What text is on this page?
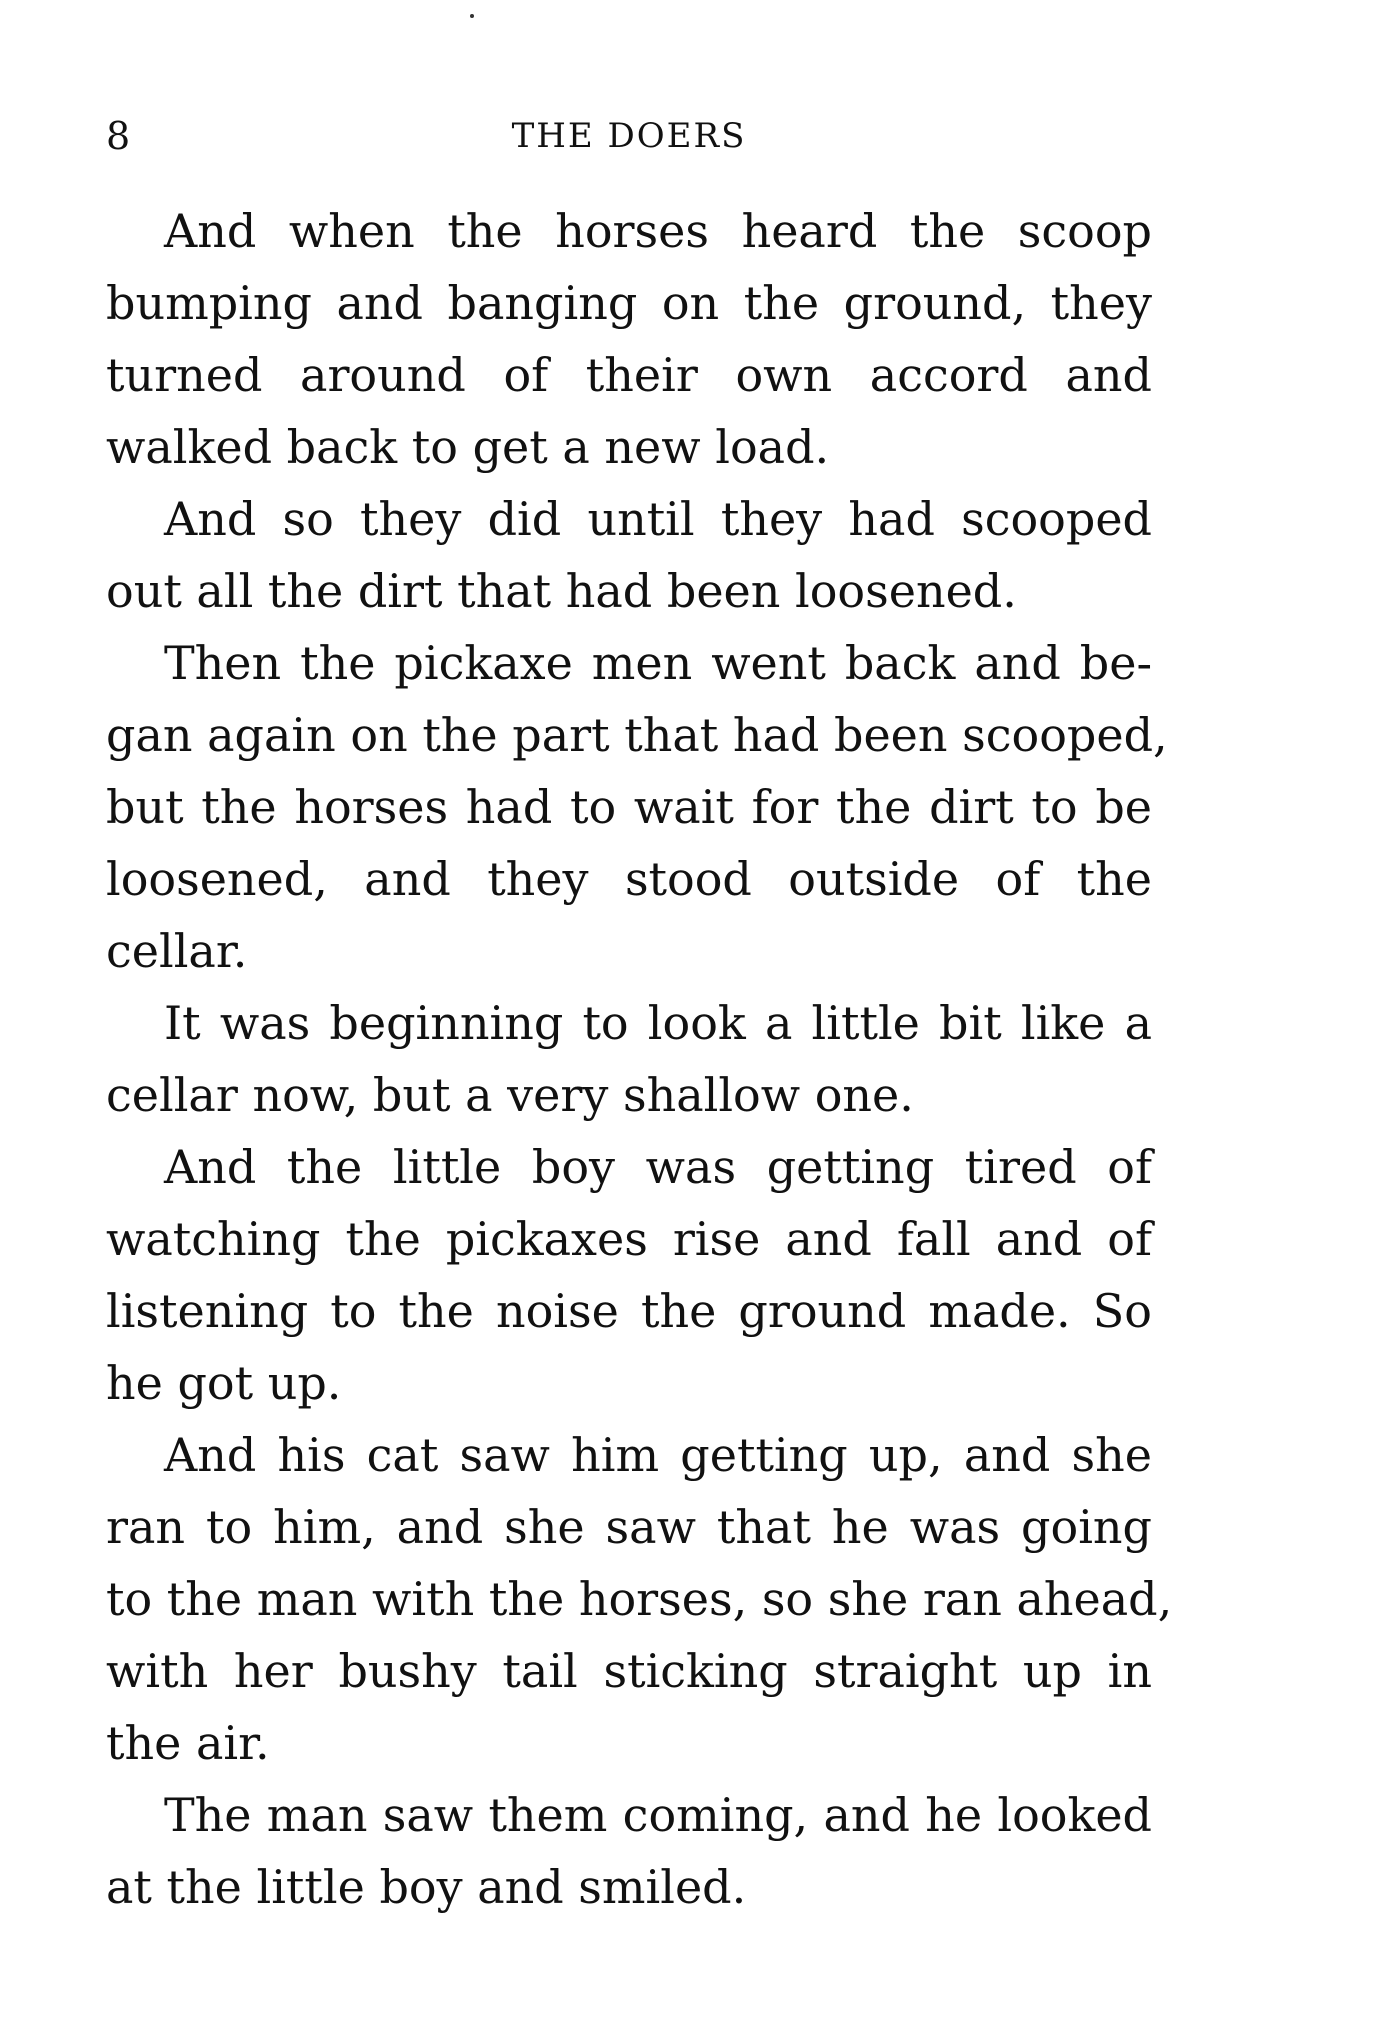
8	THE DOERS

And when the horses heard the scoop
bumping and banging on the ground, they
turned around of their own accord and
walked back to get a new load.

And so they did until they had scooped
out all the dirt that had been loosened.

Then the pickaxe men went back and be-
gan again on the part that had been scooped,
but the horses had to wait for the dirt to be
loosened, and they stood outside of the
cellar.

It was beginning to look a little bit like a
cellar now, but a very shallow one.

And the little boy was getting tired of
watching the pickaxes rise and fall and of
listening to the noise the ground made. So
he got up.

And his cat saw him getting up, and she
ran to him, and she saw that he was going
to the man with the horses, so she ran ahead,
with her bushy tail sticking straight up in
the air.

The man saw them coming, and he looked
at the little boy and smiled.
